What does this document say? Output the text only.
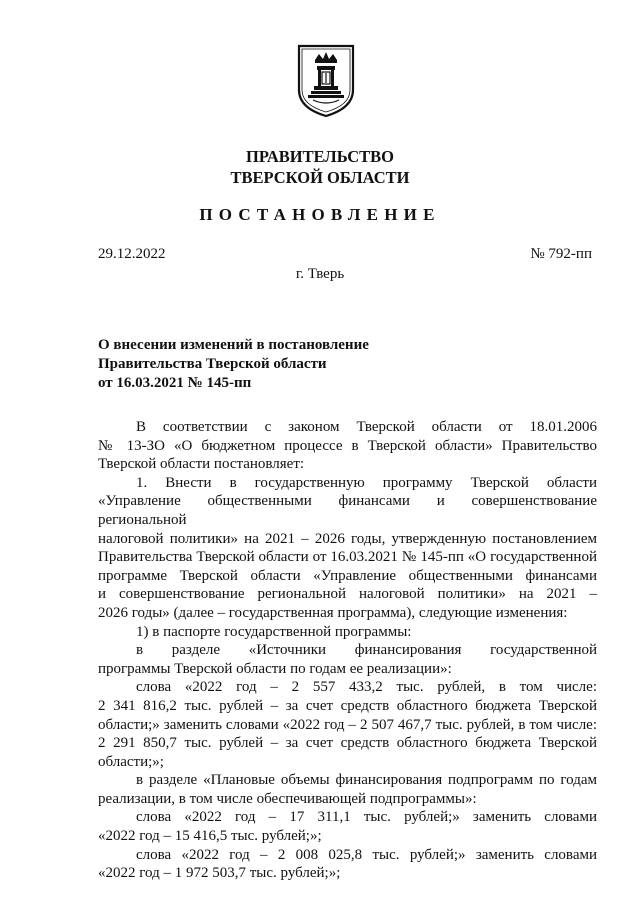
ПРАВИТЕЛЬСТВО
ТВЕРСКОЙ ОБЛАСТИ
ПОСТАНОВЛЕНИЕ
29.12.2022	№ 792-пп
г. Тверь
О внесении изменений в постановление
Правительства Тверской области
от 16.03.2021 № 145-пп

В соответствии с законом Тверской области от 18.01.2006

№ 13-ЗО «О бюджетном процессе в Тверской области» Правительство

Тверской области постановляет:

1. Внести в государственную программу Тверской области

«Управление общественными финансами и совершенствование региональной

налоговой политики» на 2021 – 2026 годы, утвержденную постановлением

Правительства Тверской области от 16.03.2021 № 145-пп «О государственной

программе Тверской области «Управление общественными финансами

и совершенствование региональной налоговой политики» на 2021 –

2026 годы» (далее – государственная программа), следующие изменения:

1) в паспорте государственной программы:

в разделе «Источники финансирования государственной

программы Тверской области по годам ее реализации»:

слова «2022 год – 2 557 433,2 тыс. рублей, в том числе:

2 341 816,2 тыс. рублей – за счет средств областного бюджета Тверской

области;» заменить словами «2022 год – 2 507 467,7 тыс. рублей, в том числе:

2 291 850,7 тыс. рублей – за счет средств областного бюджета Тверской

области;»;

в разделе «Плановые объемы финансирования подпрограмм по годам

реализации, в том числе обеспечивающей подпрограммы»:

слова «2022 год – 17 311,1 тыс. рублей;» заменить словами

«2022 год – 15 416,5 тыс. рублей;»;

слова «2022 год – 2 008 025,8 тыс. рублей;» заменить словами

«2022 год – 1 972 503,7 тыс. рублей;»;
